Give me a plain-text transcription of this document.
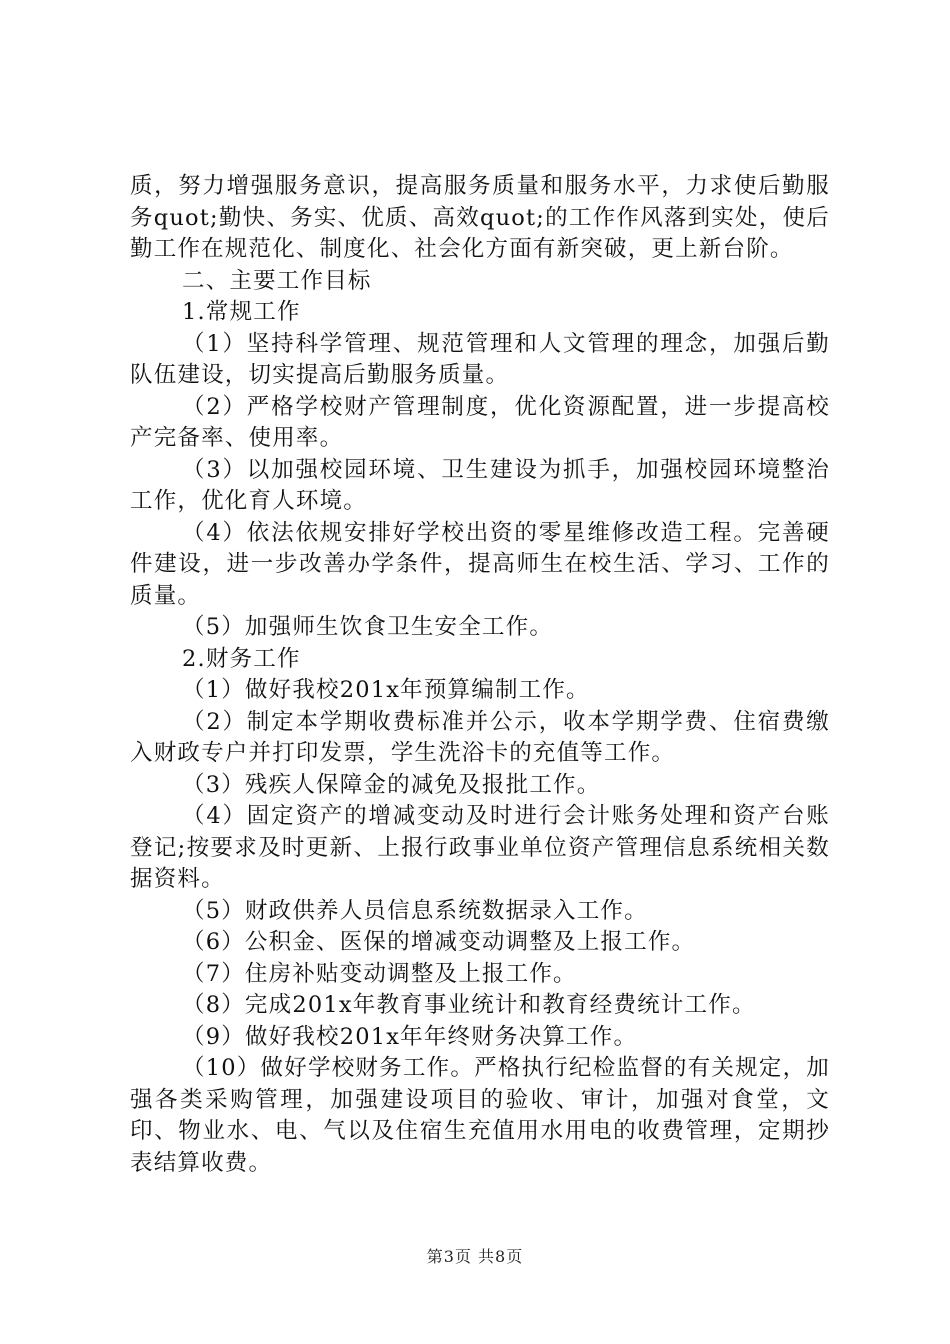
质，努力增强服务意识，提高服务质量和服务水平，力求使后勤服务quot;勤快、务实、优质、高效quot;的工作作风落到实处，使后勤工作在规范化、制度化、社会化方面有新突破，更上新台阶。

二、主要工作目标

1.常规工作

（1）坚持科学管理、规范管理和人文管理的理念，加强后勤队伍建设，切实提高后勤服务质量。

（2）严格学校财产管理制度，优化资源配置，进一步提高校产完备率、使用率。

（3）以加强校园环境、卫生建设为抓手，加强校园环境整治工作，优化育人环境。

（4）依法依规安排好学校出资的零星维修改造工程。完善硬件建设，进一步改善办学条件，提高师生在校生活、学习、工作的质量。

（5）加强师生饮食卫生安全工作。

2.财务工作

（1）做好我校201x年预算编制工作。

（2）制定本学期收费标准并公示，收本学期学费、住宿费缴入财政专户并打印发票，学生洗浴卡的充值等工作。

（3）残疾人保障金的减免及报批工作。

（4）固定资产的增减变动及时进行会计账务处理和资产台账登记;按要求及时更新、上报行政事业单位资产管理信息系统相关数据资料。

（5）财政供养人员信息系统数据录入工作。

（6）公积金、医保的增减变动调整及上报工作。

（7）住房补贴变动调整及上报工作。

（8）完成201x年教育事业统计和教育经费统计工作。

（9）做好我校201x年年终财务决算工作。

（10）做好学校财务工作。严格执行纪检监督的有关规定，加强各类采购管理，加强建设项目的验收、审计，加强对食堂，文印、物业水、电、气以及住宿生充值用水用电的收费管理，定期抄表结算收费。

第3页 共8页
